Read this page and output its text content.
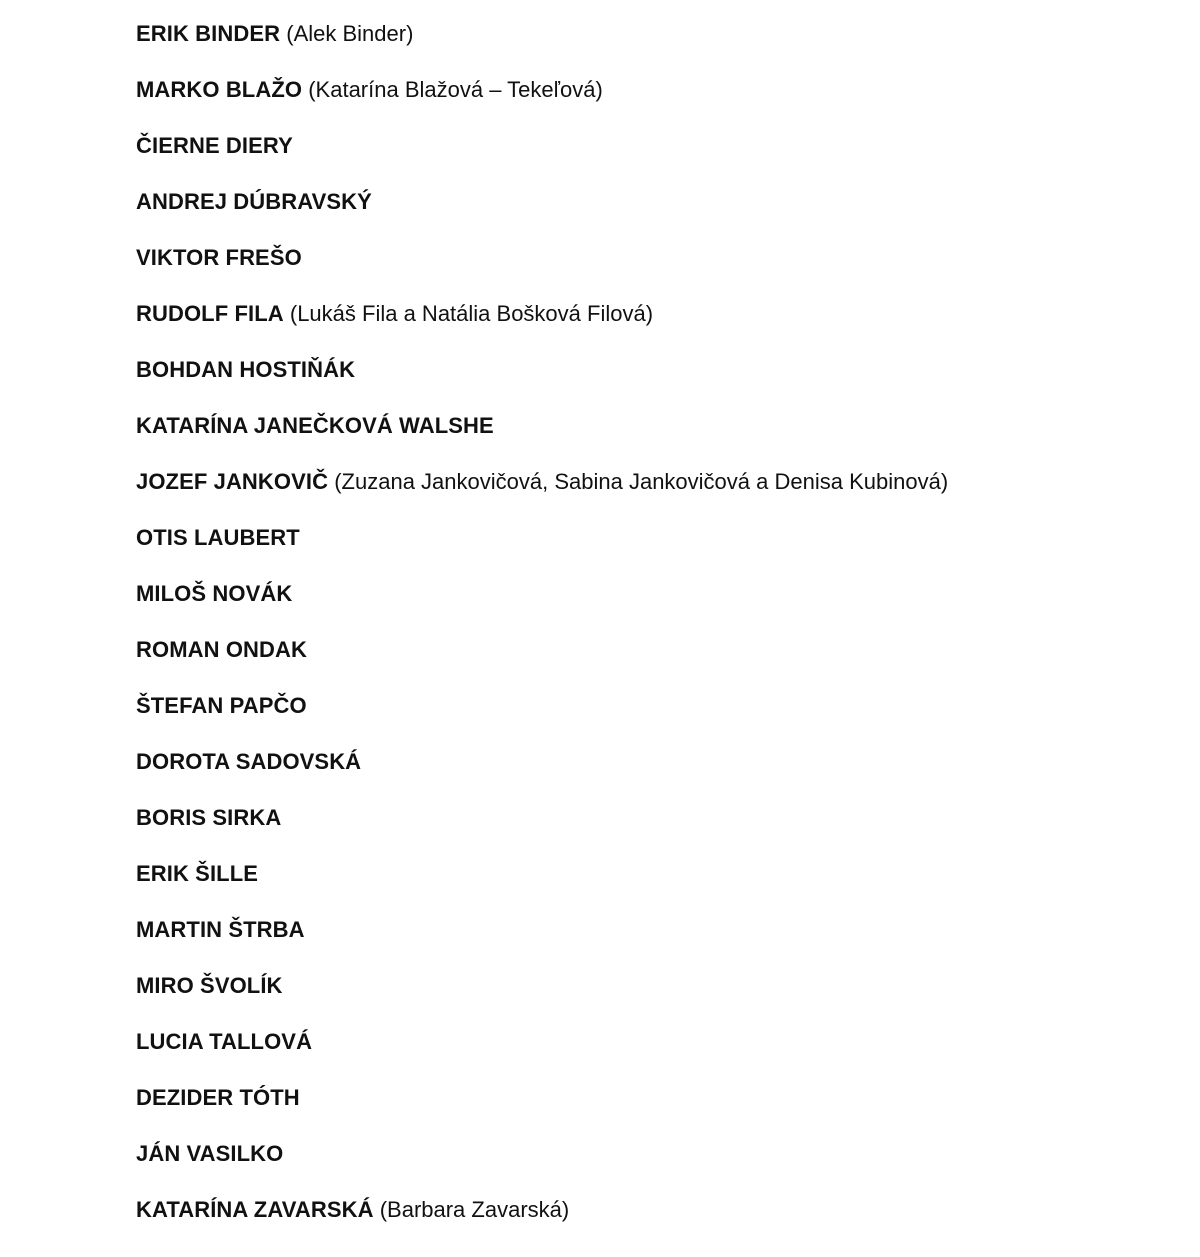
ERIK BINDER (Alek Binder)
MARKO BLAŽO (Katarína Blažová – Tekeľová)
ČIERNE DIERY
ANDREJ DÚBRAVSKÝ
VIKTOR FREŠO
RUDOLF FILA (Lukáš Fila a Natália Bošková Filová)
BOHDAN HOSTIŇÁK
KATARÍNA JANEČKOVÁ WALSHE
JOZEF JANKOVIČ (Zuzana Jankovičová, Sabina Jankovičová a Denisa Kubinová)
OTIS LAUBERT
MILOŠ NOVÁK
ROMAN ONDAK
ŠTEFAN PAPČO
DOROTA SADOVSKÁ
BORIS SIRKA
ERIK ŠILLE
MARTIN ŠTRBA
MIRO ŠVOLÍK
LUCIA TALLOVÁ
DEZIDER TÓTH
JÁN VASILKO
KATARÍNA ZAVARSKÁ (Barbara Zavarská)
